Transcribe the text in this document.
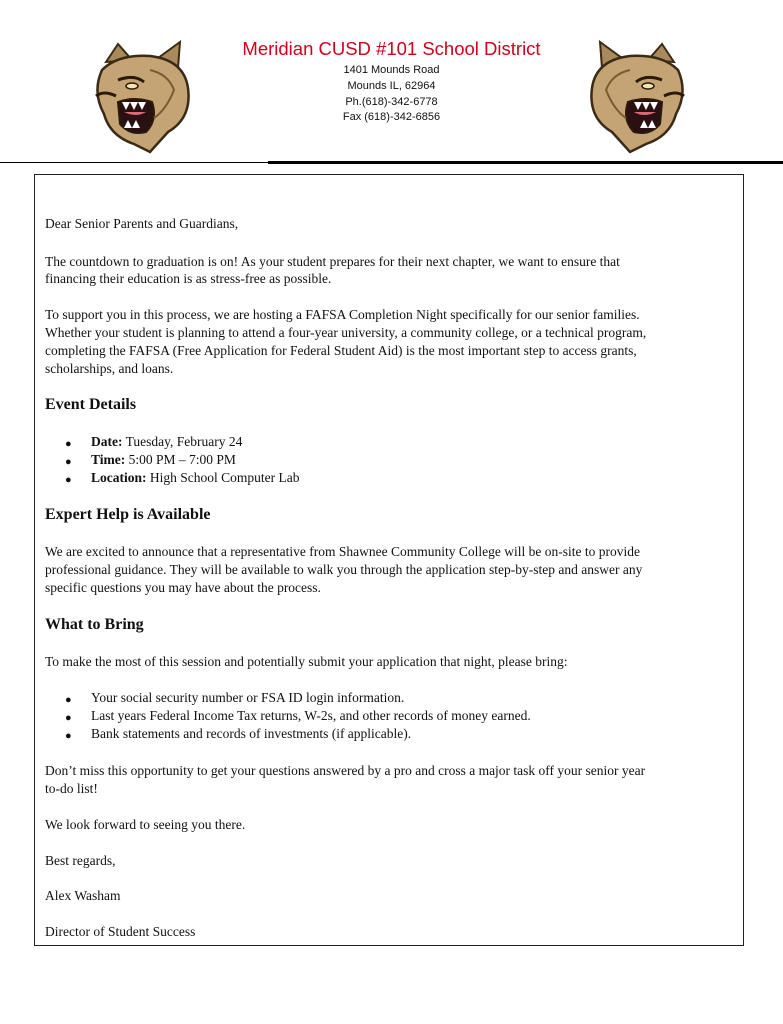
Meridian CUSD #101 School District
1401 Mounds Road
Mounds IL, 62964
Ph.(618)-342-6778
Fax (618)-342-6856

Dear Senior Parents and Guardians,

The countdown to graduation is on! As your student prepares for their next chapter, we want to ensure that

financing their education is as stress-free as possible.

To support you in this process, we are hosting a FAFSA Completion Night specifically for our senior families.

Whether your student is planning to attend a four-year university, a community college, or a technical program,

completing the FAFSA (Free Application for Federal Student Aid) is the most important step to access grants,

scholarships, and loans.

Event Details

● Date: Tuesday, February 24

● Time: 5:00 PM – 7:00 PM

● Location: High School Computer Lab

Expert Help is Available

We are excited to announce that a representative from Shawnee Community College will be on-site to provide

professional guidance. They will be available to walk you through the application step-by-step and answer any

specific questions you may have about the process.

What to Bring

To make the most of this session and potentially submit your application that night, please bring:

● Your social security number or FSA ID login information.

● Last years Federal Income Tax returns, W-2s, and other records of money earned.

● Bank statements and records of investments (if applicable).

Don’t miss this opportunity to get your questions answered by a pro and cross a major task off your senior year

to-do list!

We look forward to seeing you there.

Best regards,

Alex Washam

Director of Student Success
